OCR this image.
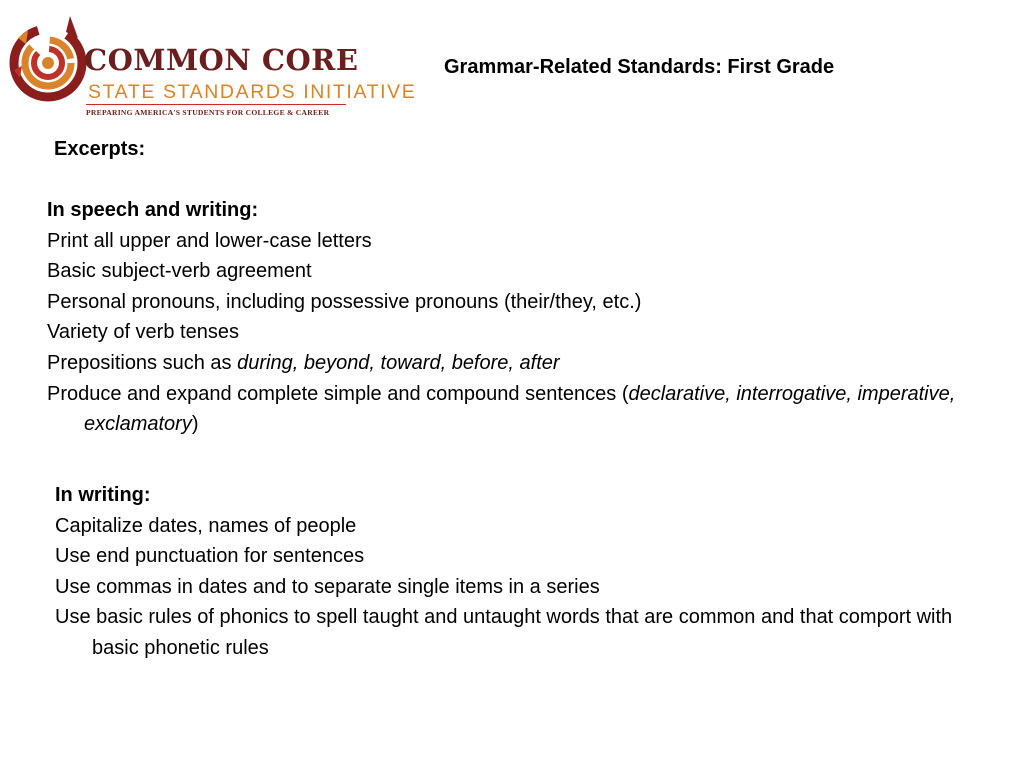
COMMON CORE
STATE STANDARDS INITIATIVE
PREPARING AMERICA'S STUDENTS FOR COLLEGE & CAREER
Grammar-Related Standards: First Grade
Excerpts:

In speech and writing:

Print all upper and lower-case letters

Basic subject-verb agreement

Personal pronouns, including possessive pronouns (their/they, etc.)

Variety of verb tenses

Prepositions such as during, beyond, toward, before, after

Produce and expand complete simple and compound sentences (declarative, interrogative, imperative, exclamatory)

In writing:

Capitalize dates, names of people

Use end punctuation for sentences

Use commas in dates and to separate single items in a series

Use basic rules of phonics to spell taught and untaught words that are common and that comport with basic phonetic rules
